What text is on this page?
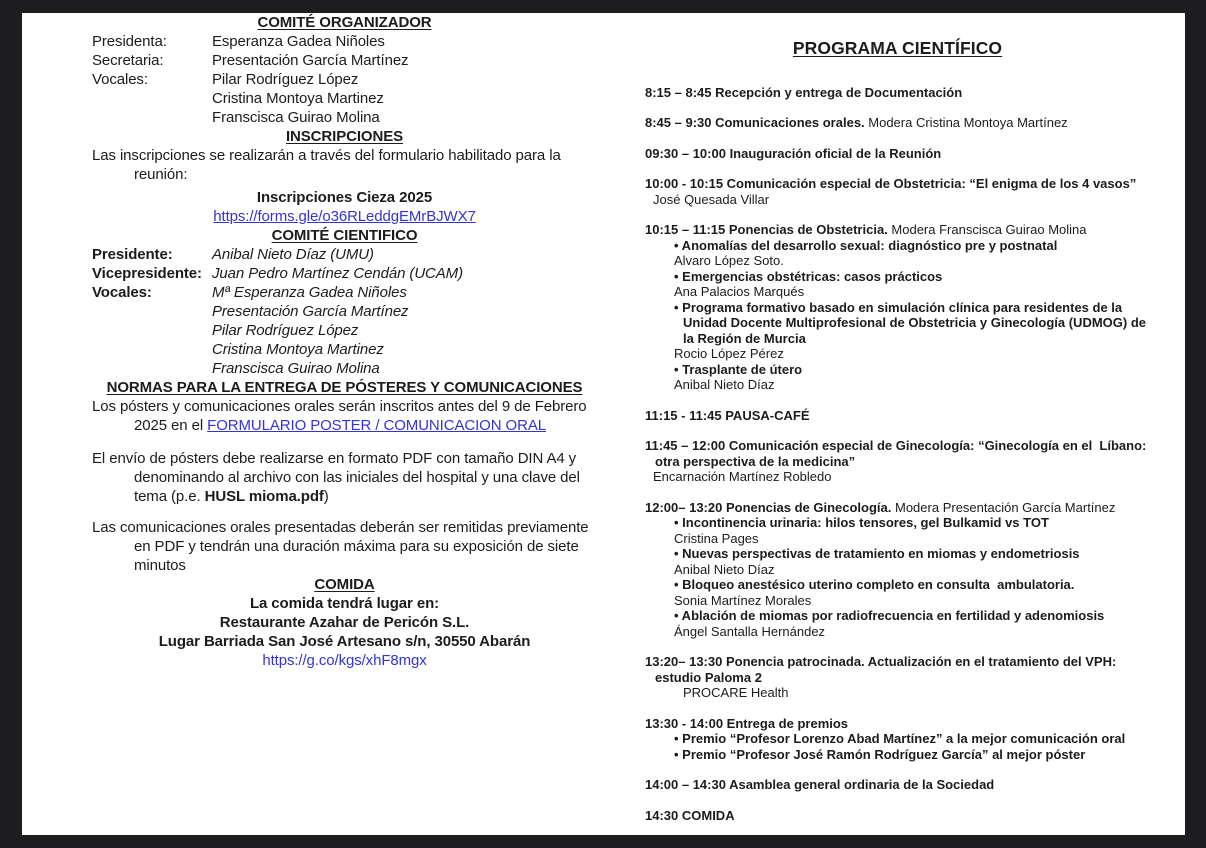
COMITÉ ORGANIZADOR
Presidenta:	Esperanza Gadea Niñoles
Secretaria:	Presentación García Martínez
Vocales:	Pilar Rodríguez López
Cristina Montoya Martinez
Franscisca Guirao Molina
INSCRIPCIONES

Las inscripciones se realizarán a través del formulario habilitado para la reunión:

Inscripciones Cieza 2025
https://forms.gle/o36RLeddgEMrBJWX7
COMITÉ CIENTIFICO
Presidente:	Anibal Nieto Díaz (UMU)
Vicepresidente: Juan Pedro Martínez Cendán (UCAM)
Vocales:	Mª Esperanza Gadea Niñoles
Presentación García Martínez
Pilar Rodríguez López
Cristina Montoya Martinez
Franscisca Guirao Molina
NORMAS PARA LA ENTREGA DE PÓSTERES Y COMUNICACIONES

Los pósters y comunicaciones orales serán inscritos antes del 9 de Febrero 2025 en el FORMULARIO POSTER / COMUNICACION ORAL

El envío de pósters debe realizarse en formato PDF con tamaño DIN A4 y denominando al archivo con las iniciales del hospital y una clave del tema (p.e. HUSL mioma.pdf)

Las comunicaciones orales presentadas deberán ser remitidas previamente en PDF y tendrán una duración máxima para su exposición de siete minutos

COMIDA
La comida tendrá lugar en:
Restaurante Azahar de Pericón S.L.
Lugar Barriada San José Artesano s/n, 30550 Abarán
https://g.co/kgs/xhF8mgx
PROGRAMA CIENTÍFICO
8:15 – 8:45 Recepción y entrega de Documentación
8:45 – 9:30 Comunicaciones orales. Modera Cristina Montoya Martínez
09:30 – 10:00 Inauguración oficial de la Reunión
10:00 - 10:15 Comunicación especial de Obstetricia: “El enigma de los 4 vasos”
José Quesada Villar
10:15 – 11:15 Ponencias de Obstetricia. Modera Franscisca Guirao Molina
• Anomalías del desarrollo sexual: diagnóstico pre y postnatal
Alvaro López Soto.
• Emergencias obstétricas: casos prácticos
Ana Palacios Marqués
• Programa formativo basado en simulación clínica para residentes de la Unidad Docente Multiprofesional de Obstetricia y Ginecología (UDMOG) de la Región de Murcia
Rocio López Pérez
• Trasplante de útero
Anibal Nieto Díaz
11:15 - 11:45 PAUSA-CAFÉ
11:45 – 12:00 Comunicación especial de Ginecología: “Ginecología en el  Líbano: otra perspectiva de la medicina”
Encarnación Martínez Robledo
12:00– 13:20 Ponencias de Ginecología. Modera Presentación García Martínez
• Incontinencia urinaria: hilos tensores, gel Bulkamid vs TOT
Cristina Pages
• Nuevas perspectivas de tratamiento en miomas y endometriosis
Anibal Nieto Díaz
• Bloqueo anestésico uterino completo en consulta  ambulatoria.
Sonia Martínez Morales
• Ablación de miomas por radiofrecuencia en fertilidad y adenomiosis
Ángel Santalla Hernández
13:20– 13:30 Ponencia patrocinada. Actualización en el tratamiento del VPH: estudio Paloma 2
PROCARE Health
13:30 - 14:00 Entrega de premios
• Premio “Profesor Lorenzo Abad Martínez” a la mejor comunicación oral
• Premio “Profesor José Ramón Rodríguez García” al mejor póster
14:00 – 14:30 Asamblea general ordinaria de la Sociedad
14:30 COMIDA
